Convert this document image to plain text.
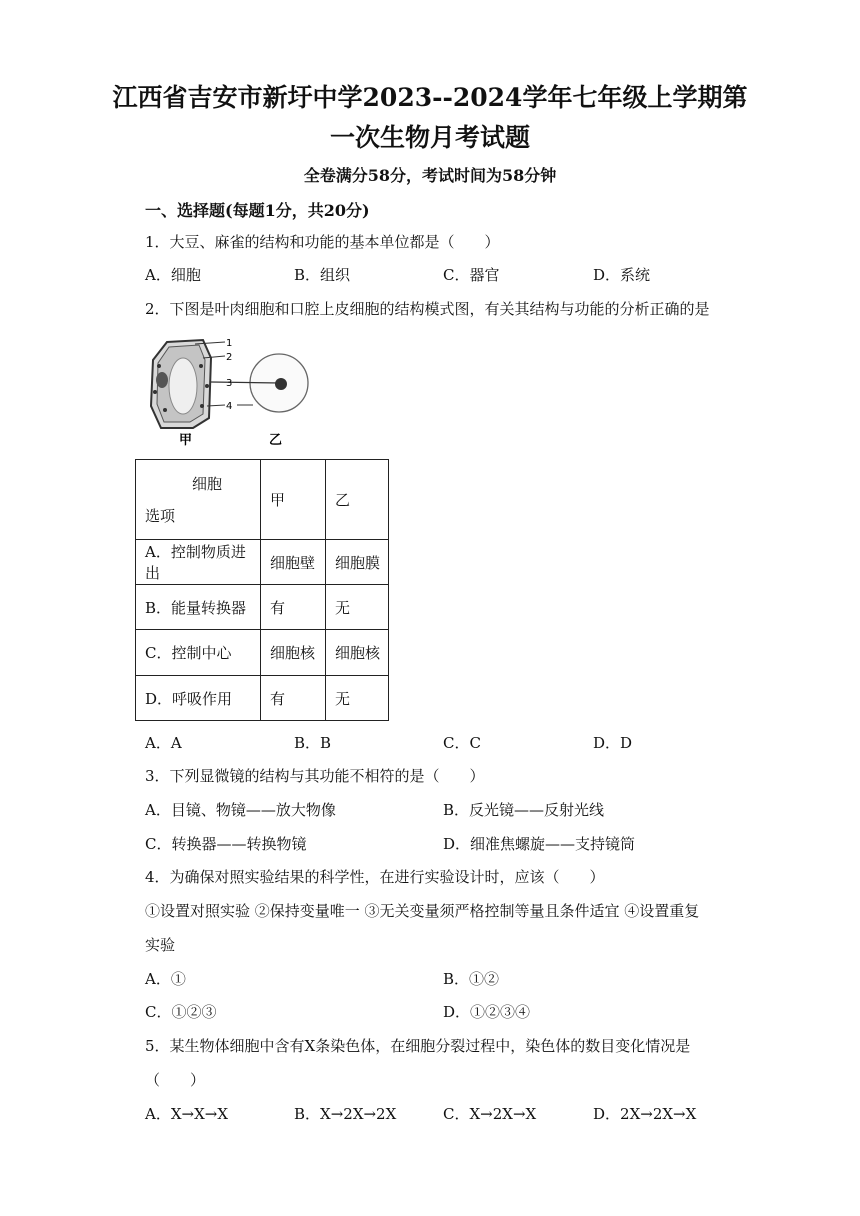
江西省吉安市新圩中学2023--2024学年七年级上学期第
一次生物月考试题
全卷满分58分，考试时间为58分钟
一、选择题(每题1分，共20分)
1．大豆、麻雀的结构和功能的基本单位都是（　　）
A．细胞	B．组织	C．器官	D．系统
2．下图是叶肉细胞和口腔上皮细胞的结构模式图，有关其结构与功能的分析正确的是
1
2
3
4
甲	乙
细胞
选项	甲	乙
A．控制物质进出	细胞壁	细胞膜
B．能量转换器	有	无
C．控制中心	细胞核	细胞核
D．呼吸作用	有	无
A．A	B．B	C．C	D．D
3．下列显微镜的结构与其功能不相符的是（　　）
A．目镜、物镜——放大物像	B．反光镜——反射光线
C．转换器——转换物镜	D．细准焦螺旋——支持镜筒
4．为确保对照实验结果的科学性，在进行实验设计时，应该（　　）
①设置对照实验 ②保持变量唯一 ③无关变量须严格控制等量且条件适宜 ④设置重复
实验
A．①	B．①②
C．①②③	D．①②③④
5．某生物体细胞中含有X条染色体，在细胞分裂过程中，染色体的数目变化情况是
（　　）
A．X→X→X	B．X→2X→2X	C．X→2X→X	D．2X→2X→X
